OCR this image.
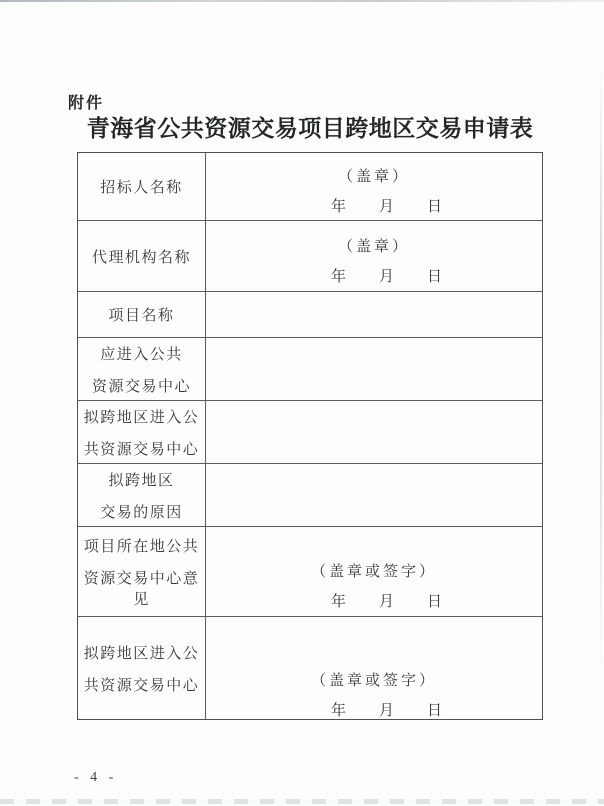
附件
青海省公共资源交易项目跨地区交易申请表
招标人名称
（盖章）
年　　月　　日
代理机构名称
（盖章）
年　　月　　日
项目名称
应进入公共
资源交易中心
拟跨地区进入公
共资源交易中心
拟跨地区
交易的原因
项目所在地公共
资源交易中心意见
（盖章或签字）
年　　月　　日
拟跨地区进入公
共资源交易中心	（盖章或签字）
年　　月　　日
- 4 -
